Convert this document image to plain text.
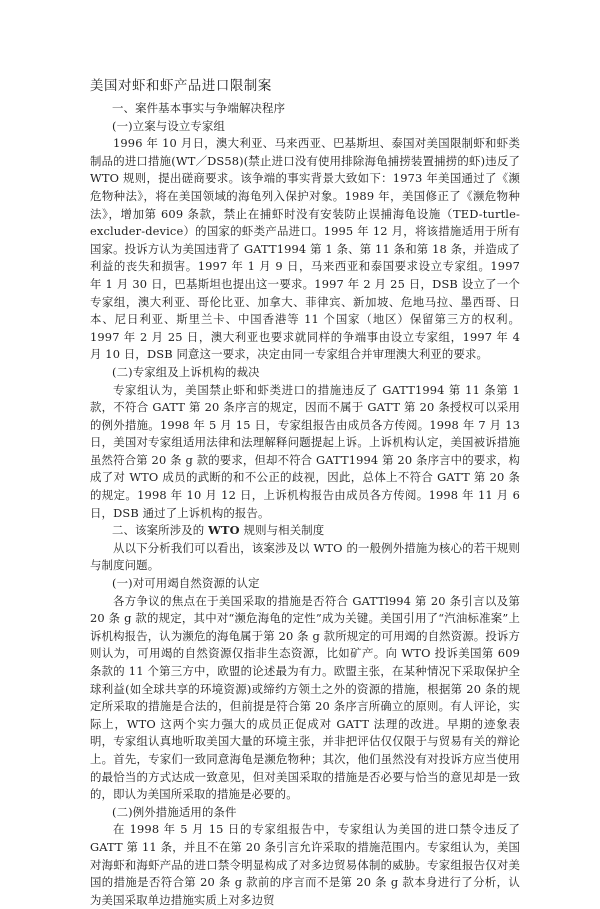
美国对虾和虾产品进口限制案
一、案件基本事实与争端解决程序
(一)立案与设立专家组

1996 年 10 月日，澳大利亚、马来西亚、巴基斯坦、泰国对美国限制虾和虾类制品的进口措施(WT／DS58)(禁止进口没有使用排除海龟捕捞装置捕捞的虾)违反了 WTO 规则，提出磋商要求。该争端的事实背景大致如下：1973 年美国通过了《濒危物种法》，将在美国领域的海龟列入保护对象。1989 年，美国修正了《濒危物种法》，增加第 609 条款，禁止在捕虾时没有安装防止误捕海龟设施（TED-turtle-excluder-device）的国家的虾类产品进口。1995 年 12 月，将该措施适用于所有国家。投诉方认为美国违背了 GATT1994 第 1 条、第 11 条和第 18 条，并造成了利益的丧失和损害。1997 年 1 月 9 日，马来西亚和泰国要求设立专家组。1997 年 1 月 30 日，巴基斯坦也提出这一要求。1997 年 2 月 25 日，DSB 设立了一个专家组，澳大利亚、哥伦比亚、加拿大、菲律宾、新加坡、危地马拉、墨西哥、日本、尼日利亚、斯里兰卡、中国香港等 11 个国家（地区）保留第三方的权利。1997 年 2 月 25 日，澳大利亚也要求就同样的争端事由设立专家组，1997 年 4 月 10 日，DSB 同意这一要求，决定由同一专家组合并审理澳大利亚的要求。

(二)专家组及上诉机构的裁决

专家组认为，美国禁止虾和虾类进口的措施违反了 GATT1994 第 11 条第 1 款，不符合 GATT 第 20 条序言的规定，因而不属于 GATT 第 20 条授权可以采用的例外措施。1998 年 5 月 15 日，专家组报告由成员各方传阅。1998 年 7 月 13 日，美国对专家组适用法律和法理解释问题提起上诉。上诉机构认定，美国被诉措施虽然符合第 20 条 g 款的要求，但却不符合 GATT1994 第 20 条序言中的要求，构成了对 WTO 成员的武断的和不公正的歧视，因此，总体上不符合 GATT 第 20 条的规定。1998 年 10 月 12 日，上诉机构报告由成员各方传阅。1998 年 11 月 6 日，DSB 通过了上诉机构的报告。

二、该案所涉及的 WTO 规则与相关制度

从以下分析我们可以看出，该案涉及以 WTO 的一般例外措施为核心的若干规则与制度问题。

(一)对可用竭自然资源的认定

各方争议的焦点在于美国采取的措施是否符合 GATTl994 第 20 条引言以及第 20 条 g 款的规定，其中对“濒危海龟的定性”成为关键。美国引用了“汽油标准案”上诉机构报告，认为濒危的海龟属于第 20 条 g 款所规定的可用竭的自然资源。投诉方则认为，可用竭的自然资源仅指非生态资源，比如矿产。向 WTO 投诉美国第 609 条款的 11 个第三方中，欧盟的论述最为有力。欧盟主张，在某种情况下采取保护全球利益(如全球共享的环境资源)或缔约方领土之外的资源的措施，根据第 20 条的规定所采取的措施是合法的，但前提是符合第 20 条序言所确立的原则。有人评论，实际上，WTO 这两个实力强大的成员正促成对 GATT 法理的改进。早期的迹象表明，专家组认真地听取美国大量的环境主张，并非把评估仅仅限于与贸易有关的辩论上。首先，专家们一致同意海龟是濒危物种；其次，他们虽然没有对投诉方应当使用的最恰当的方式达成一致意见，但对美国采取的措施是否必要与恰当的意见却是一致的，即认为美国所采取的措施是必要的。

(二)例外措施适用的条件

在 1998 年 5 月 15 日的专家组报告中，专家组认为美国的进口禁令违反了 GATT 第 11 条，并且不在第 20 条引言允许采取的措施范围内。专家组认为，美国对海虾和海虾产品的进口禁令明显构成了对多边贸易体制的威胁。专家组报告仅对美国的措施是否符合第 20 条 g 款前的序言而不是第 20 条 g 款本身进行了分析，认为美国采取单边措施实质上对多边贸
